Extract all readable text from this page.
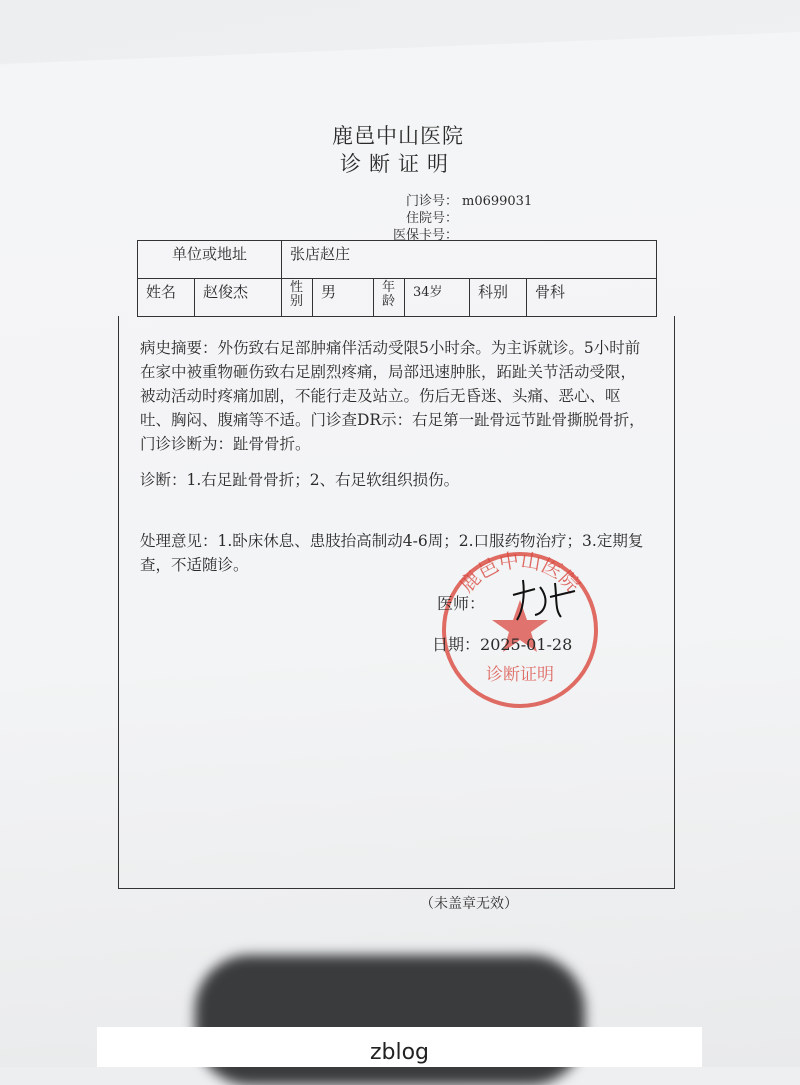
鹿邑中山医院
诊断证明
门诊号： m0699031
住院号：
医保卡号：
单位或地址		张店赵庄					
姓名	赵俊杰	性别	男	年龄	34岁	科别	骨科
病史摘要：外伤致右足部肿痛伴活动受限5小时余。为主诉就诊。5小时前在家中被重物砸伤致右足剧烈疼痛，局部迅速肿胀，跖趾关节活动受限，被动活动时疼痛加剧，不能行走及站立。伤后无昏迷、头痛、恶心、呕吐、胸闷、腹痛等不适。门诊查DR示：右足第一趾骨远节趾骨撕脱骨折，门诊诊断为：趾骨骨折。
诊断：1.右足趾骨骨折；2、右足软组织损伤。
处理意见：1.卧床休息、患肢抬高制动4-6周；2.口服药物治疗；3.定期复查，不适随诊。
鹿邑中山医院
诊断证明
医师：
日期：2025-01-28
（未盖章无效）
zblog
